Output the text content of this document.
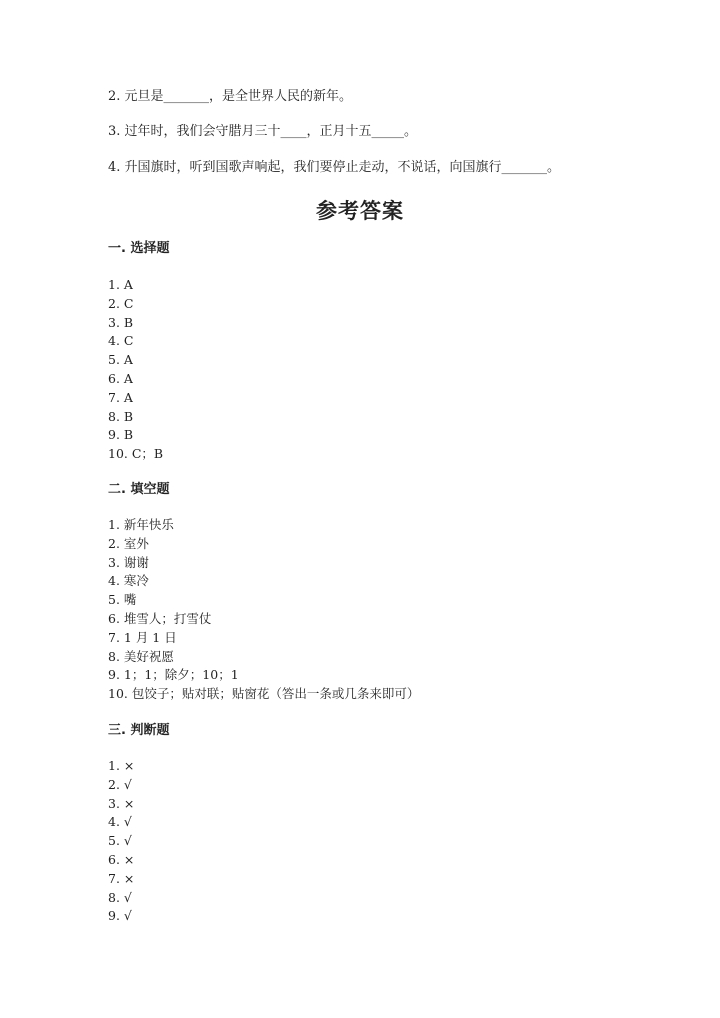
2. 元旦是_______，是全世界人民的新年。
3. 过年时，我们会守腊月三十____，正月十五_____。
4. 升国旗时，听到国歌声响起，我们要停止走动，不说话，向国旗行_______。
参考答案
一. 选择题
1. A
2. C
3. B
4. C
5. A
6. A
7. A
8. B
9. B
10. C；B
二. 填空题
1. 新年快乐
2. 室外
3. 谢谢
4. 寒冷
5. 嘴
6. 堆雪人；打雪仗
7. 1 月 1 日
8. 美好祝愿
9. 1；1；除夕；10；1
10. 包饺子；贴对联；贴窗花（答出一条或几条来即可）
三. 判断题
1. ×
2. √
3. ×
4. √
5. √
6. ×
7. ×
8. √
9. √
